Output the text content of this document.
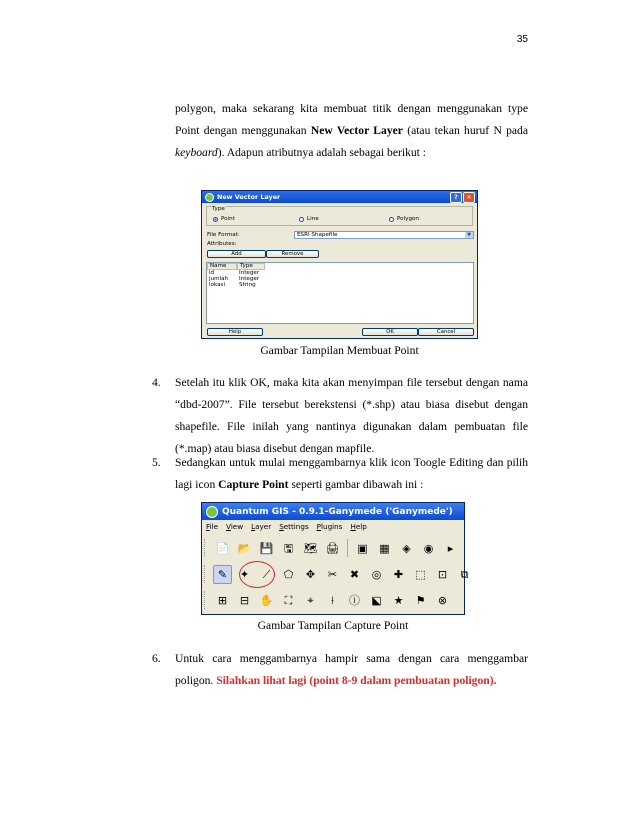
35
polygon, maka sekarang kita membuat titik dengan menggunakan type Point dengan menggunakan New Vector Layer (atau tekan huruf N pada keyboard). Adapun atributnya adalah sebagai berikut :
New Vector Layer	?	✕
Type
Point	Line	Polygon
File Format:	ESRI Shapefile	▼
Attributes:
Add	Remove
Name	Type
id	Integer
jumlah	Integer
lokasi	String
Help	OK	Cancel
Gambar Tampilan Membuat Point
4.	Setelah itu klik OK, maka kita akan menyimpan file tersebut dengan nama “dbd-2007”. File tersebut berekstensi (*.shp) atau biasa disebut dengan shapefile. File inilah yang nantinya digunakan dalam pembuatan file (*.map) atau biasa disebut dengan mapfile.
5.	Sedangkan untuk mulai menggambarnya klik icon Toogle Editing dan pilih lagi icon Capture Point seperti gambar dibawah ini :
Quantum GIS - 0.9.1-Ganymede ('Ganymede')
File View Layer Settings Plugins Help
📄 📂 💾 🖫 🗺 🖨	▣	▦	◈	◉	▸
✎	✦	⟋	⬠	✥	✂	✖	◎	✚	⬚	⊡	⧉
⊞	⊟ ✋	⛶	⌖	⟊	ⓘ	⬕	★	⚑	⊗
Gambar Tampilan Capture Point
6.	Untuk cara menggambarnya hampir sama dengan cara menggambar poligon. Silahkan lihat lagi (point 8-9 dalam pembuatan poligon).
